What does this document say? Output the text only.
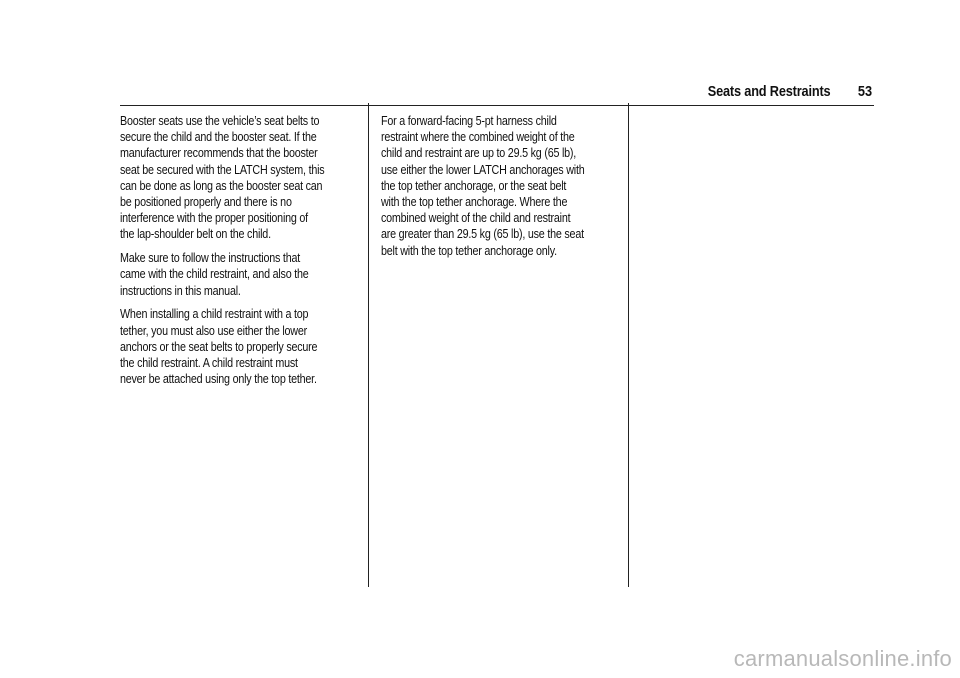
Seats and Restraints 53

Booster seats use the vehicle’s seat belts to
secure the child and the booster seat. If the
manufacturer recommends that the booster
seat be secured with the LATCH system, this
can be done as long as the booster seat can
be positioned properly and there is no
interference with the proper positioning of
the lap-shoulder belt on the child.

Make sure to follow the instructions that
came with the child restraint, and also the
instructions in this manual.

When installing a child restraint with a top
tether, you must also use either the lower
anchors or the seat belts to properly secure
the child restraint. A child restraint must
never be attached using only the top tether.

For a forward-facing 5-pt harness child
restraint where the combined weight of the
child and restraint are up to 29.5 kg (65 lb),
use either the lower LATCH anchorages with
the top tether anchorage, or the seat belt
with the top tether anchorage. Where the
combined weight of the child and restraint
are greater than 29.5 kg (65 lb), use the seat
belt with the top tether anchorage only.

carmanualsonline.info
